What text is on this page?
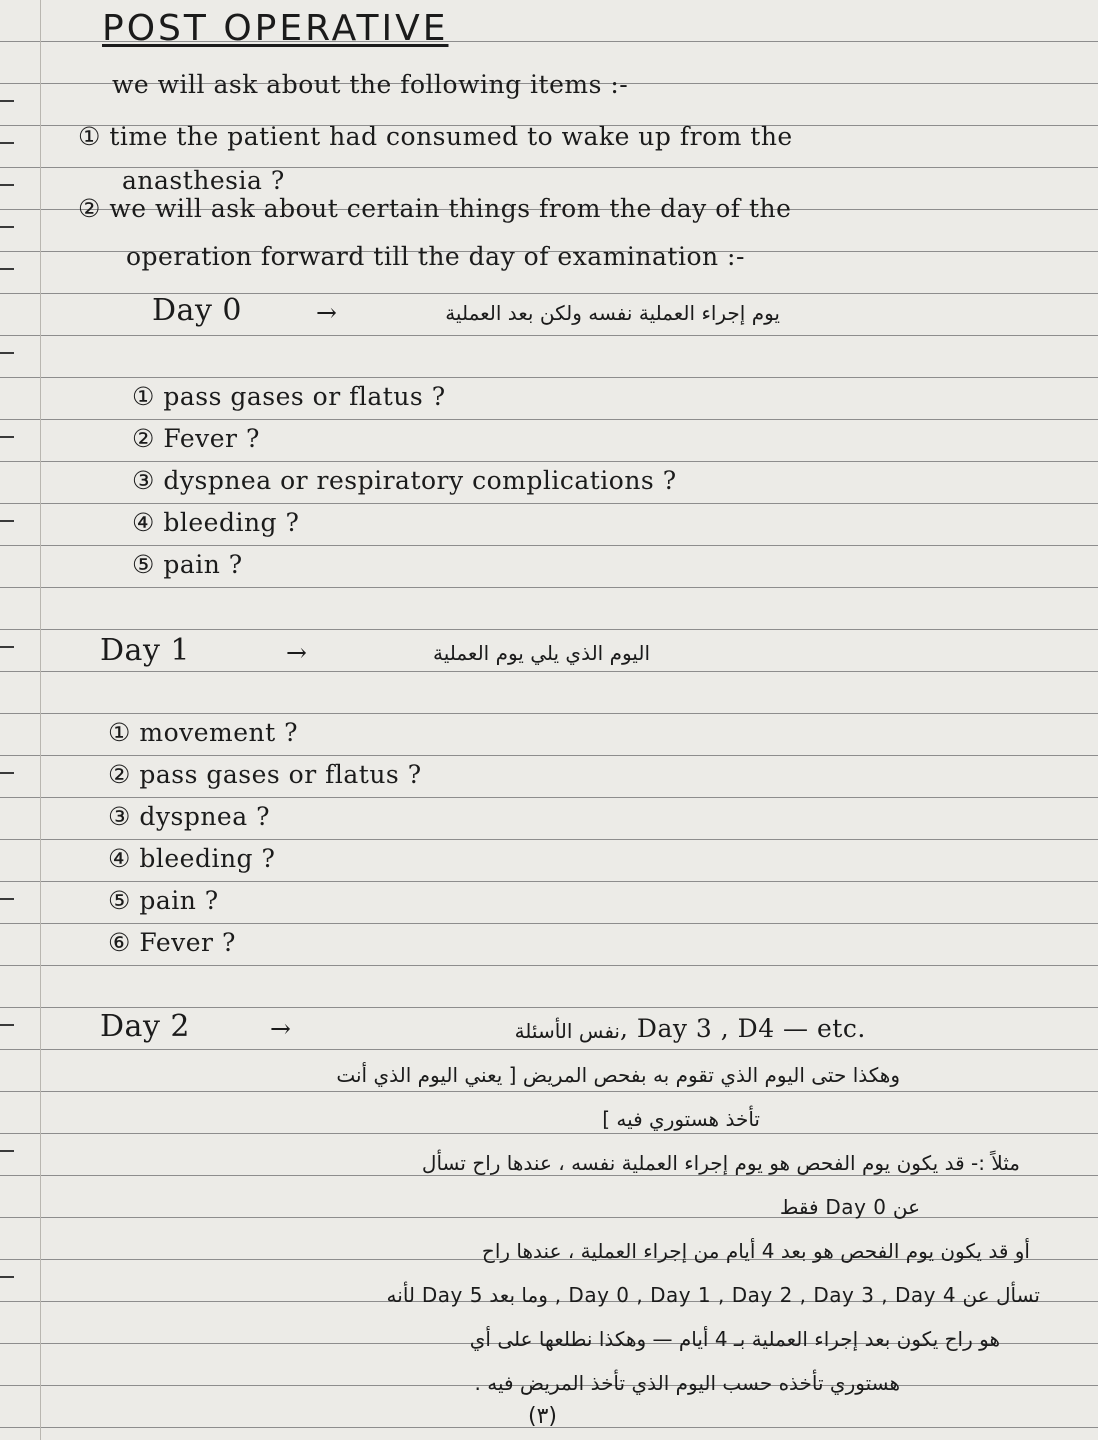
POST OPERATIVE
we will ask about the following items :-
① time the patient had consumed to wake up from the
anasthesia ?
② we will ask about certain things from the day of the
operation forward till the day of examination :-
Day 0	→	يوم إجراء العملية نفسه ولكن بعد العملية
① pass gases or flatus ?
② Fever ?
③ dyspnea or respiratory complications ?
④ bleeding ?
⑤ pain ?
Day 1	→	اليوم الذي يلي يوم العملية
① movement ?
② pass gases or flatus ?
③ dyspnea ?
④ bleeding ?
⑤ pain ?
⑥ Fever ?
Day 2	→	نفس الأسئلة , Day 3 , D4 — etc.
وهكذا حتى اليوم الذي تقوم به بفحص المريض [ يعني اليوم الذي أنت
تأخذ هستوري فيه ]
مثلاً :- قد يكون يوم الفحص هو يوم إجراء العملية نفسه ، عندها راح تسأل
عن Day 0 فقط
أو قد يكون يوم الفحص هو بعد 4 أيام من إجراء العملية ، عندها راح
تسأل عن Day 0 , Day 1 , Day 2 , Day 3 , Day 4 , وما بعد Day 5 لأنه
هو راح يكون بعد إجراء العملية بـ 4 أيام — وهكذا نطلعها على أي
هستوري تأخذه حسب اليوم الذي تأخذ المريض فيه .
(٣)
